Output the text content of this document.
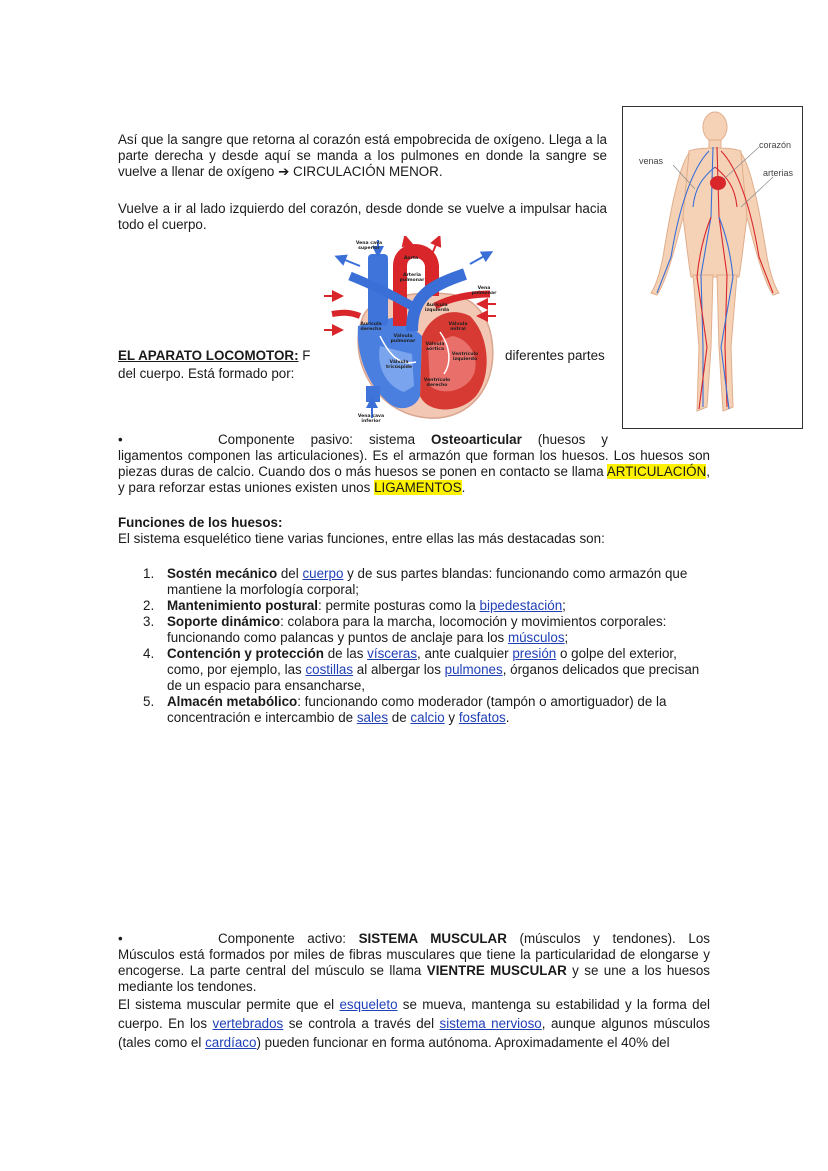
Así que la sangre que retorna al corazón está empobrecida de oxígeno. Llega a la parte derecha y desde aquí se manda a los pulmones en donde la sangre se vuelve a llenar de oxígeno ➔ CIRCULACIÓN MENOR.
Vuelve a ir al lado izquierdo del corazón, desde donde se vuelve a impulsar hacia todo el cuerpo.
EL APARATO LOCOMOTOR: F	diferentes partes
del cuerpo. Está formado por:
Vena cava superior
Aorta
Arteria pulmonar
Aurícula izquierda
Vena pulmonar
Aurícula derecha
Válvula pulmonar
Válvula mitral
Válvula aórtica
Válvula tricúspide
Ventrículo izquierdo
Ventrículo derecho
Vena cava inferior
corazón
venas
arterias
•	Componente pasivo: sistema Osteoarticular (huesos y
ligamentos componen las articulaciones). Es el armazón que forman los huesos. Los huesos son piezas duras de calcio. Cuando dos o más huesos se ponen en contacto se llama ARTICULACIÓN, y para reforzar estas uniones existen unos LIGAMENTOS.
Funciones de los huesos:
El sistema esquelético tiene varias funciones, entre ellas las más destacadas son:
1. Sostén mecánico del cuerpo y de sus partes blandas: funcionando como armazón que mantiene la morfología corporal;
2. Mantenimiento postural: permite posturas como la bipedestación;
3. Soporte dinámico: colabora para la marcha, locomoción y movimientos corporales: funcionando como palancas y puntos de anclaje para los músculos;
4. Contención y protección de las vísceras, ante cualquier presión o golpe del exterior, como, por ejemplo, las costillas al albergar los pulmones, órganos delicados que precisan de un espacio para ensancharse,
5. Almacén metabólico: funcionando como moderador (tampón o amortiguador) de la concentración e intercambio de sales de calcio y fosfatos.
•	Componente activo: SISTEMA MUSCULAR (músculos y tendones). Los
Músculos está formados por miles de fibras musculares que tiene la particularidad de elongarse y encogerse. La parte central del músculo se llama VIENTRE MUSCULAR y se une a los huesos mediante los tendones.
El sistema muscular permite que el esqueleto se mueva, mantenga su estabilidad y la forma del cuerpo. En los vertebrados se controla a través del sistema nervioso, aunque algunos músculos (tales como el cardíaco) pueden funcionar en forma autónoma. Aproximadamente el 40% del
